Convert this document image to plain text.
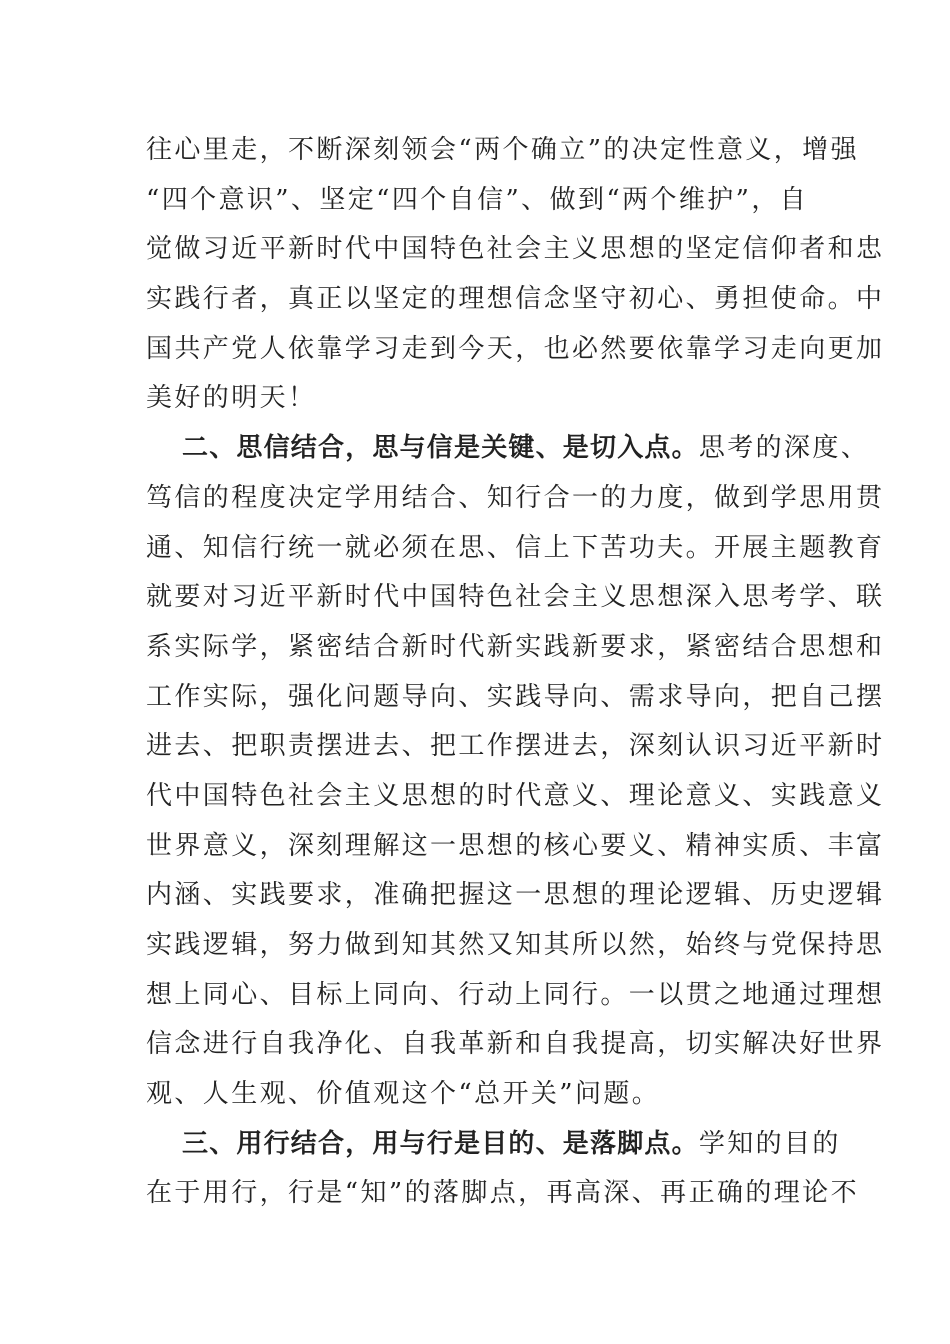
往心里走，不断深刻领会“两个确立”的决定性意义，增强
“四个意识”、坚定“四个自信”、做到“两个维护”，自
觉做习近平新时代中国特色社会主义思想的坚定信仰者和忠
实践行者，真正以坚定的理想信念坚守初心、勇担使命。中
国共产党人依靠学习走到今天，也必然要依靠学习走向更加
美好的明天！
二、思信结合，思与信是关键、是切入点。思考的深度、
笃信的程度决定学用结合、知行合一的力度，做到学思用贯
通、知信行统一就必须在思、信上下苦功夫。开展主题教育
就要对习近平新时代中国特色社会主义思想深入思考学、联
系实际学，紧密结合新时代新实践新要求，紧密结合思想和
工作实际，强化问题导向、实践导向、需求导向，把自己摆
进去、把职责摆进去、把工作摆进去，深刻认识习近平新时
代中国特色社会主义思想的时代意义、理论意义、实践意义
世界意义，深刻理解这一思想的核心要义、精神实质、丰富
内涵、实践要求，准确把握这一思想的理论逻辑、历史逻辑
实践逻辑，努力做到知其然又知其所以然，始终与党保持思
想上同心、目标上同向、行动上同行。一以贯之地通过理想
信念进行自我净化、自我革新和自我提高，切实解决好世界
观、人生观、价值观这个“总开关”问题。
三、用行结合，用与行是目的、是落脚点。学知的目的
在于用行，行是“知”的落脚点，再高深、再正确的理论不
